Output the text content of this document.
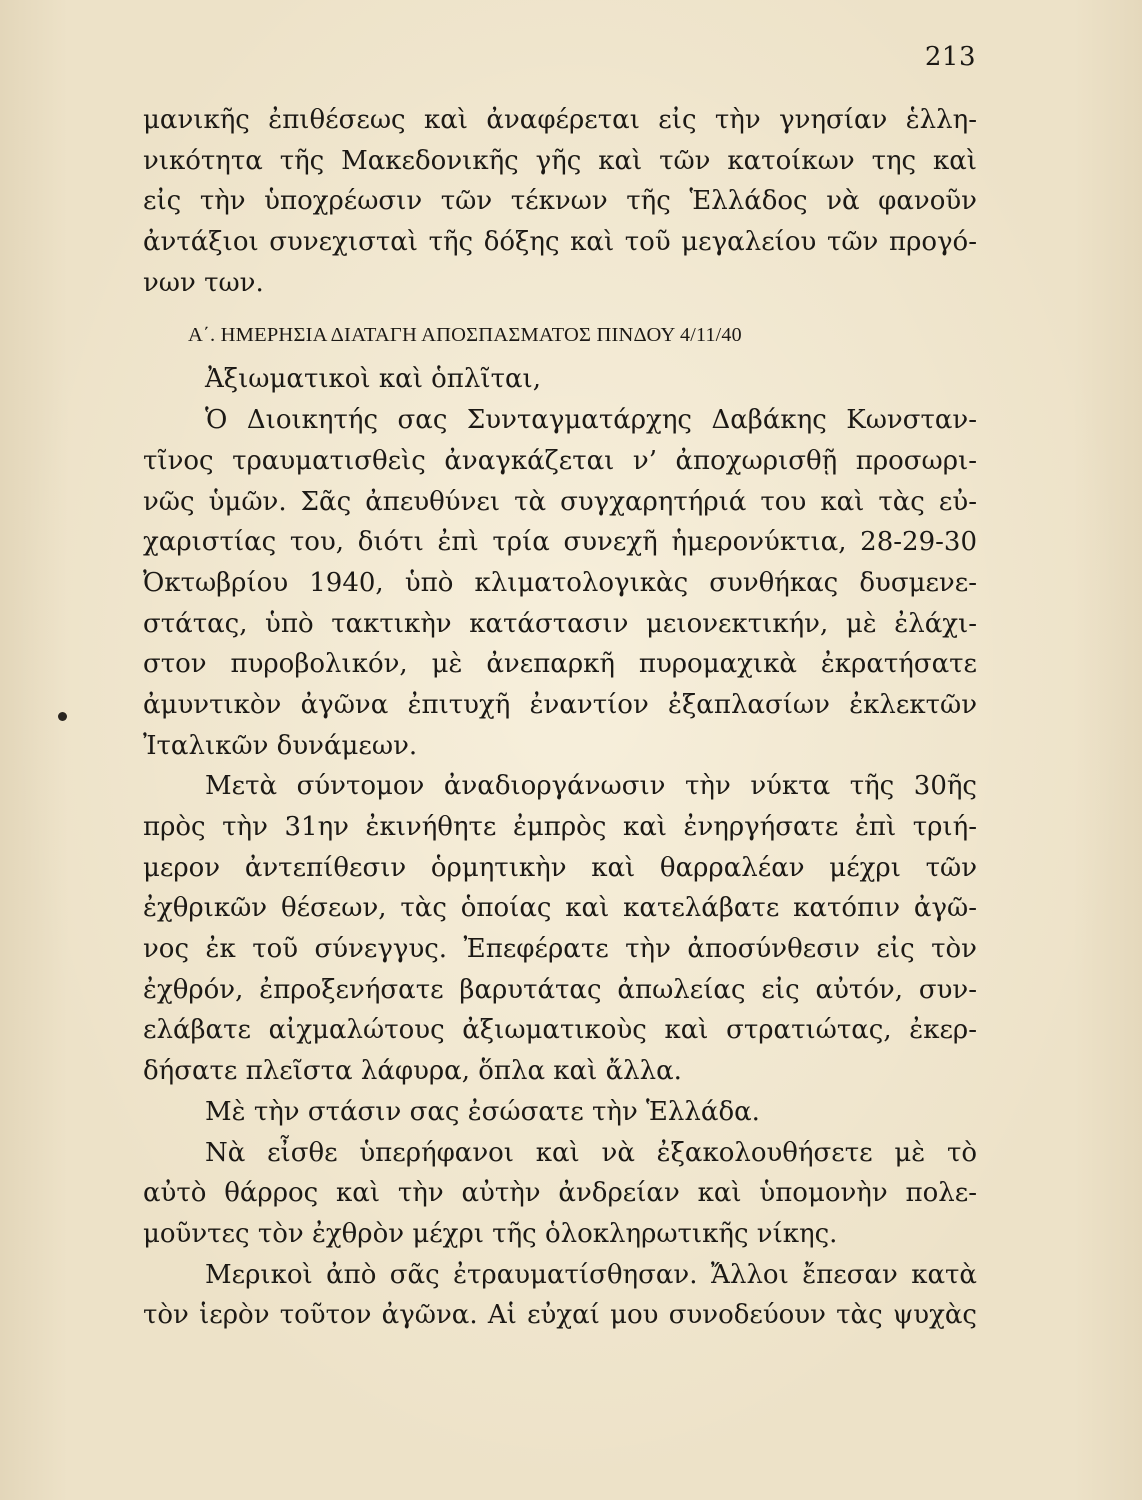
213
μανικῆς ἐπιθέσεως καὶ ἀναφέρεται εἰς τὴν γνησίαν ἑλλη-
νικότητα τῆς Μακεδονικῆς γῆς καὶ τῶν κατοίκων της καὶ
εἰς τὴν ὑποχρέωσιν τῶν τέκνων τῆς Ἑλλάδος νὰ φανοῦν
ἀντάξιοι συνεχισταὶ τῆς δόξης καὶ τοῦ μεγαλείου τῶν προγό-
νων των.
Α΄. ΗΜΕΡΗΣΙΑ ΔΙΑΤΑΓΗ ΑΠΟΣΠΑΣΜΑΤΟΣ ΠΙΝΔΟΥ 4/11/40
Ἀξιωματικοὶ καὶ ὁπλῖται,
Ὁ Διοικητής σας Συνταγματάρχης Δαβάκης Κωνσταν-
τῖνος τραυματισθεὶς ἀναγκάζεται ν’ ἀποχωρισθῇ προσωρι-
νῶς ὑμῶν. Σᾶς ἀπευθύνει τὰ συγχαρητήριά του καὶ τὰς εὐ-
χαριστίας του, διότι ἐπὶ τρία συνεχῆ ἡμερονύκτια, 28-29-30
Ὀκτωβρίου 1940, ὑπὸ κλιματολογικὰς συνθήκας δυσμενε-
στάτας, ὑπὸ τακτικὴν κατάστασιν μειονεκτικήν, μὲ ἐλάχι-
στον πυροβολικόν, μὲ ἀνεπαρκῆ πυρομαχικὰ ἐκρατήσατε
ἀμυντικὸν ἀγῶνα ἐπιτυχῆ ἐναντίον ἐξαπλασίων ἐκλεκτῶν
Ἰταλικῶν δυνάμεων.
Μετὰ σύντομον ἀναδιοργάνωσιν τὴν νύκτα τῆς 30ῆς
πρὸς τὴν 31ην ἐκινήθητε ἐμπρὸς καὶ ἐνηργήσατε ἐπὶ τριή-
μερον ἀντεπίθεσιν ὁρμητικὴν καὶ θαρραλέαν μέχρι τῶν
ἐχθρικῶν θέσεων, τὰς ὁποίας καὶ κατελάβατε κατόπιν ἀγῶ-
νος ἐκ τοῦ σύνεγγυς. Ἐπεφέρατε τὴν ἀποσύνθεσιν εἰς τὸν
ἐχθρόν, ἐπροξενήσατε βαρυτάτας ἀπωλείας εἰς αὐτόν, συν-
ελάβατε αἰχμαλώτους ἀξιωματικοὺς καὶ στρατιώτας, ἐκερ-
δήσατε πλεῖστα λάφυρα, ὅπλα καὶ ἄλλα.
Μὲ τὴν στάσιν σας ἐσώσατε τὴν Ἑλλάδα.
Νὰ εἶσθε ὑπερήφανοι καὶ νὰ ἐξακολουθήσετε μὲ τὸ
αὐτὸ θάρρος καὶ τὴν αὐτὴν ἀνδρείαν καὶ ὑπομονὴν πολε-
μοῦντες τὸν ἐχθρὸν μέχρι τῆς ὁλοκληρωτικῆς νίκης.
Μερικοὶ ἀπὸ σᾶς ἐτραυματίσθησαν. Ἄλλοι ἔπεσαν κατὰ
τὸν ἱερὸν τοῦτον ἀγῶνα. Αἱ εὐχαί μου συνοδεύουν τὰς ψυχὰς
